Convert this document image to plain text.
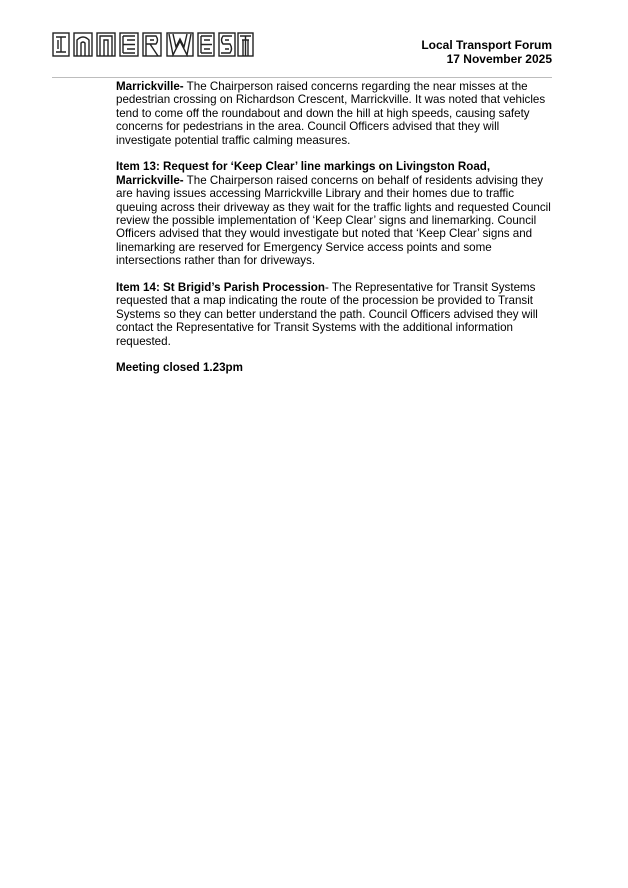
Local Transport Forum
17 November 2025

Marrickville- The Chairperson raised concerns regarding the near misses at the pedestrian crossing on Richardson Crescent, Marrickville. It was noted that vehicles tend to come off the roundabout and down the hill at high speeds, causing safety concerns for pedestrians in the area. Council Officers advised that they will investigate potential traffic calming measures.

Item 13: Request for ‘Keep Clear’ line markings on Livingston Road, Marrickville- The Chairperson raised concerns on behalf of residents advising they are having issues accessing Marrickville Library and their homes due to traffic queuing across their driveway as they wait for the traffic lights and requested Council review the possible implementation of ‘Keep Clear’ signs and linemarking. Council Officers advised that they would investigate but noted that ‘Keep Clear’ signs and linemarking are reserved for Emergency Service access points and some intersections rather than for driveways.

Item 14: St Brigid’s Parish Procession- The Representative for Transit Systems requested that a map indicating the route of the procession be provided to Transit Systems so they can better understand the path. Council Officers advised they will contact the Representative for Transit Systems with the additional information requested.

Meeting closed 1.23pm
